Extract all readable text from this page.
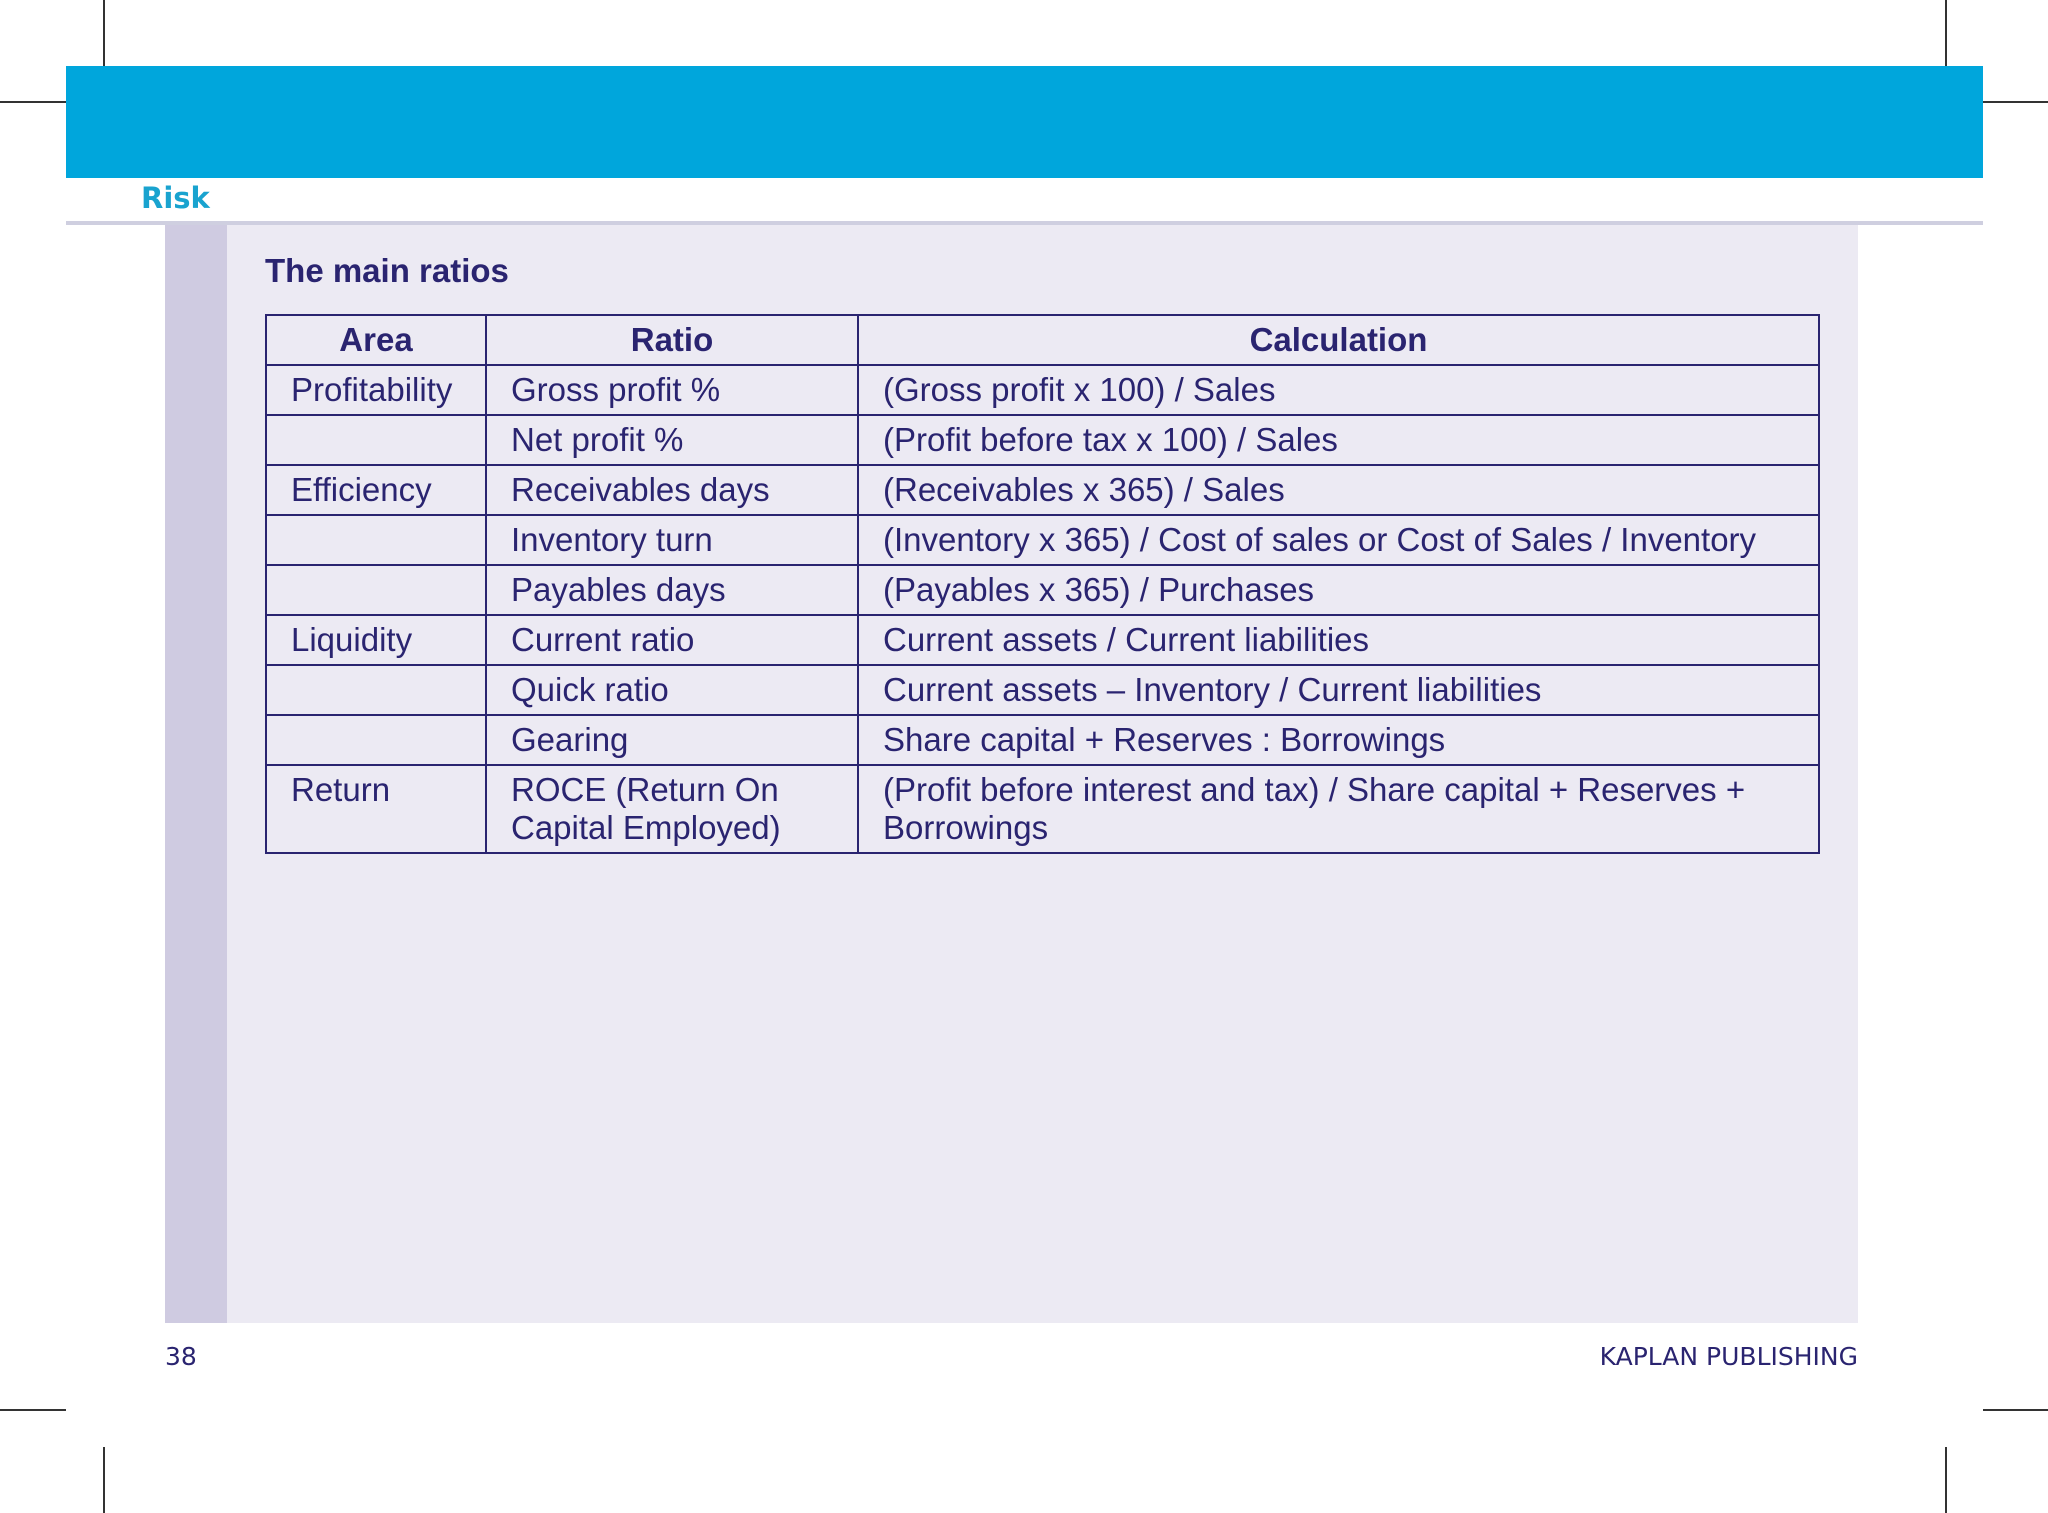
Risk
The main ratios
Area	Ratio	Calculation
Profitability	Gross profit %	(Gross profit x 100) / Sales
	Net profit %	(Profit before tax x 100) / Sales
Efficiency	Receivables days	(Receivables x 365) / Sales
	Inventory turn	(Inventory x 365) / Cost of sales or Cost of Sales / Inventory
	Payables days	(Payables x 365) / Purchases
Liquidity	Current ratio	Current assets / Current liabilities
	Quick ratio	Current assets – Inventory / Current liabilities
	Gearing	Share capital + Reserves : Borrowings
Return	ROCE (Return On Capital Employed)	(Profit before interest and tax) / Share capital + Reserves + Borrowings
38	KAPLAN PUBLISHING
